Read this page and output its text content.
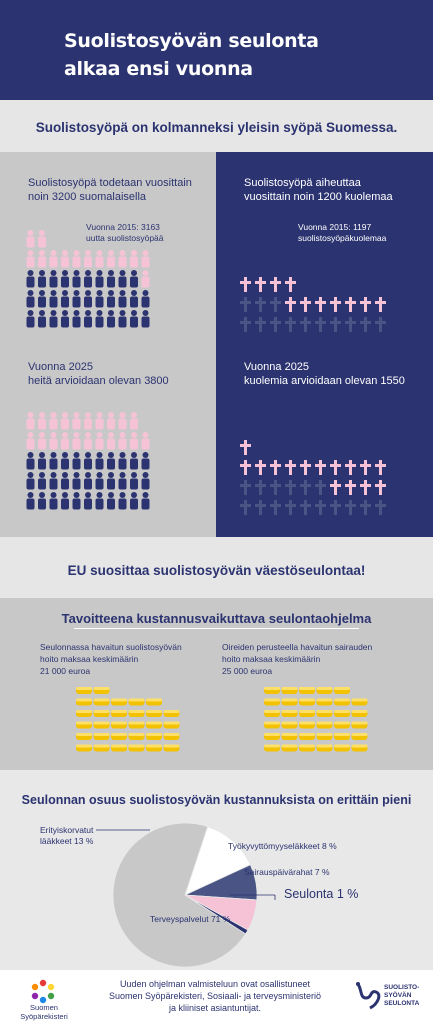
Suolistosyövän seulonta
alkaa ensi vuonna
Suolistosyöpä on kolmanneksi yleisin syöpä Suomessa.
Suolistosyöpä todetaan vuosittain
noin 3200 suomalaisella
Vuonna 2015: 3163
uutta suolistosyöpää
Vuonna 2025
heitä arvioidaan olevan 3800
Suolistosyöpä aiheuttaa
vuosittain noin 1200 kuolemaa
Vuonna 2015: 1197
suolistosyöpäkuolemaa
Vuonna 2025
kuolemia arvioidaan olevan 1550
EU suosittaa suolistosyövän väestöseulontaa!
Tavoitteena kustannusvaikuttava seulontaohjelma
Seulonnassa havaitun suolistosyövän
hoito maksaa keskimäärin
21 000 euroa
Oireiden perusteella havaitun sairauden
hoito maksaa keskimäärin
25 000 euroa
Seulonnan osuus suolistosyövän kustannuksista on erittäin pieni
Erityiskorvatut
lääkkeet 13 %	Työkyvyttömyyseläkkeet 8 %
Sairauspäivärahat 7 %
Seulonta 1 %
Terveyspalvelut 71 %
Suomen
Syöpärekisteri
Uuden ohjelman valmisteluun ovat osallistuneet
Suomen Syöpärekisteri, Sosiaali- ja terveysministeriö
ja kliiniset asiantuntijat.
SUOLISTO-
SYÖVÄN
SEULONTA
